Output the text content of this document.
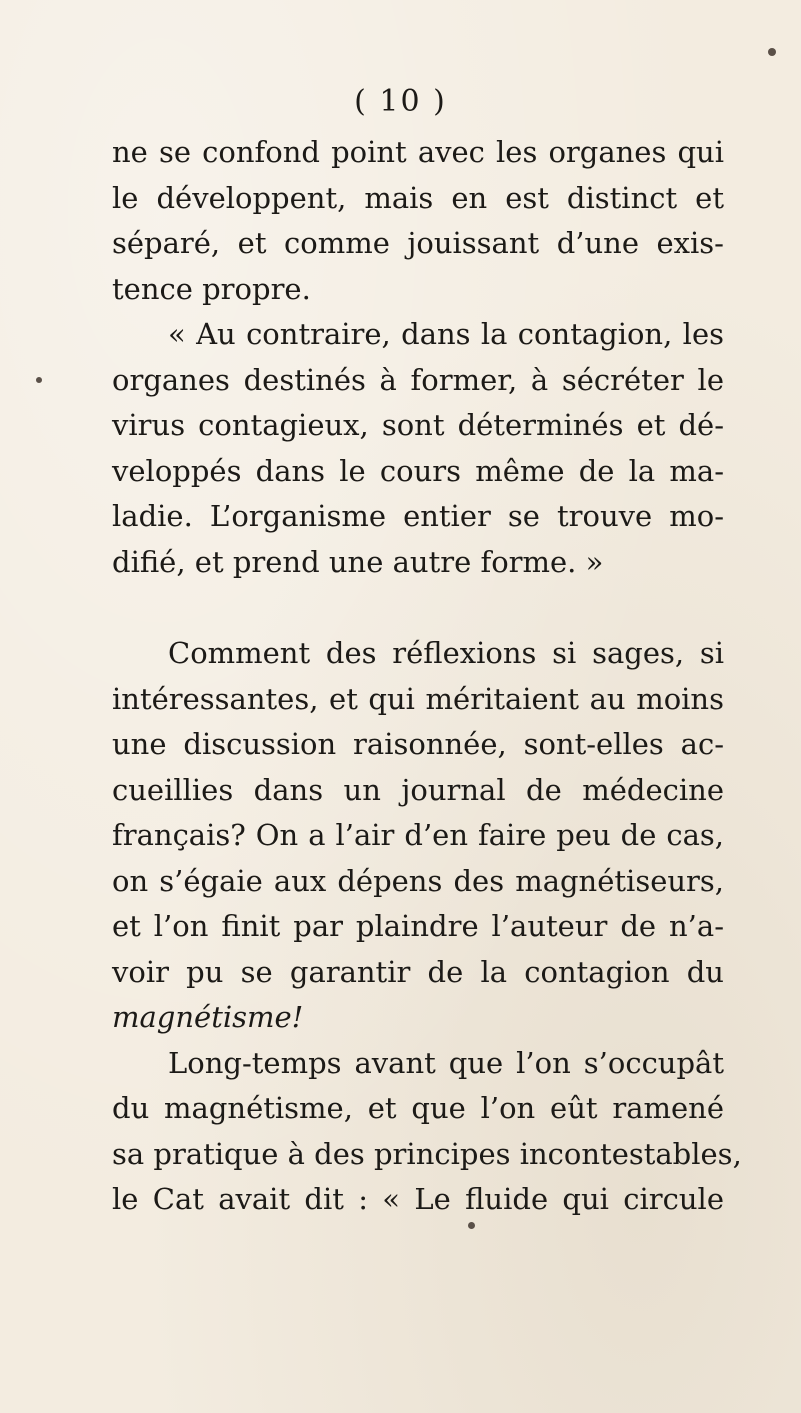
( 10 )
ne se confond point avec les organes qui
le développent, mais en est distinct et
séparé, et comme jouissant d’une exis-
tence propre.
« Au contraire, dans la contagion, les
organes destinés à former, à sécréter le
virus contagieux, sont déterminés et dé-
veloppés dans le cours même de la ma-
ladie. L’organisme entier se trouve mo-
difié, et prend une autre forme. »
Comment des réflexions si sages, si
intéressantes, et qui méritaient au moins
une discussion raisonnée, sont-elles ac-
cueillies dans un journal de médecine
français? On a l’air d’en faire peu de cas,
on s’égaie aux dépens des magnétiseurs,
et l’on finit par plaindre l’auteur de n’a-
voir pu se garantir de la contagion du
magnétisme!
Long-temps avant que l’on s’occupât
du magnétisme, et que l’on eût ramené
sa pratique à des principes incontestables,
le Cat avait dit : « Le fluide qui circule
